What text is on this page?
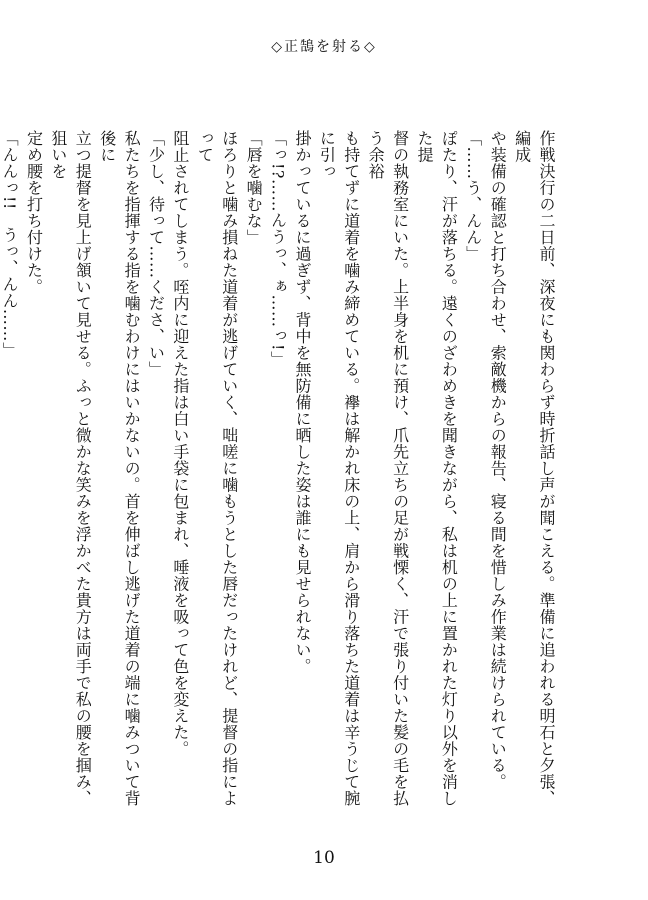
◇正鵠を射る◇

作戦決行の二日前、深夜にも関わらず時折話し声が聞こえる。準備に追われる明石と夕張、編成

や装備の確認と打ち合わせ、索敵機からの報告、寝る間を惜しみ作業は続けられている。

「……う、んん」

ぽたり、汗が落ちる。遠くのざわめきを聞きながら、私は机の上に置かれた灯り以外を消した提

督の執務室にいた。上半身を机に預け、爪先立ちの足が戦慄く、汗で張り付いた髪の毛を払う余裕

も持てずに道着を噛み締めている。襷は解かれ床の上、肩から滑り落ちた道着は辛うじて腕に引っ

掛かっているに過ぎず、背中を無防備に晒した姿は誰にも見せられない。

「っ!?……んうっ、ぁ……っ!」

「唇を噛むな」

ほろりと噛み損ねた道着が逃げていく、咄嗟に噛もうとした唇だったけれど、提督の指によって

阻止されてしまう。咥内に迎えた指は白い手袋に包まれ、唾液を吸って色を変えた。

「少し、待って……くださ、い」

私たちを指揮する指を噛むわけにはいかないの。首を伸ばし逃げた道着の端に噛みついて背後に

立つ提督を見上げ頷いて見せる。ふっと微かな笑みを浮かべた貴方は両手で私の腰を掴み、狙いを

定め腰を打ち付けた。

「んんっ!!　うっ、んん……」

10
